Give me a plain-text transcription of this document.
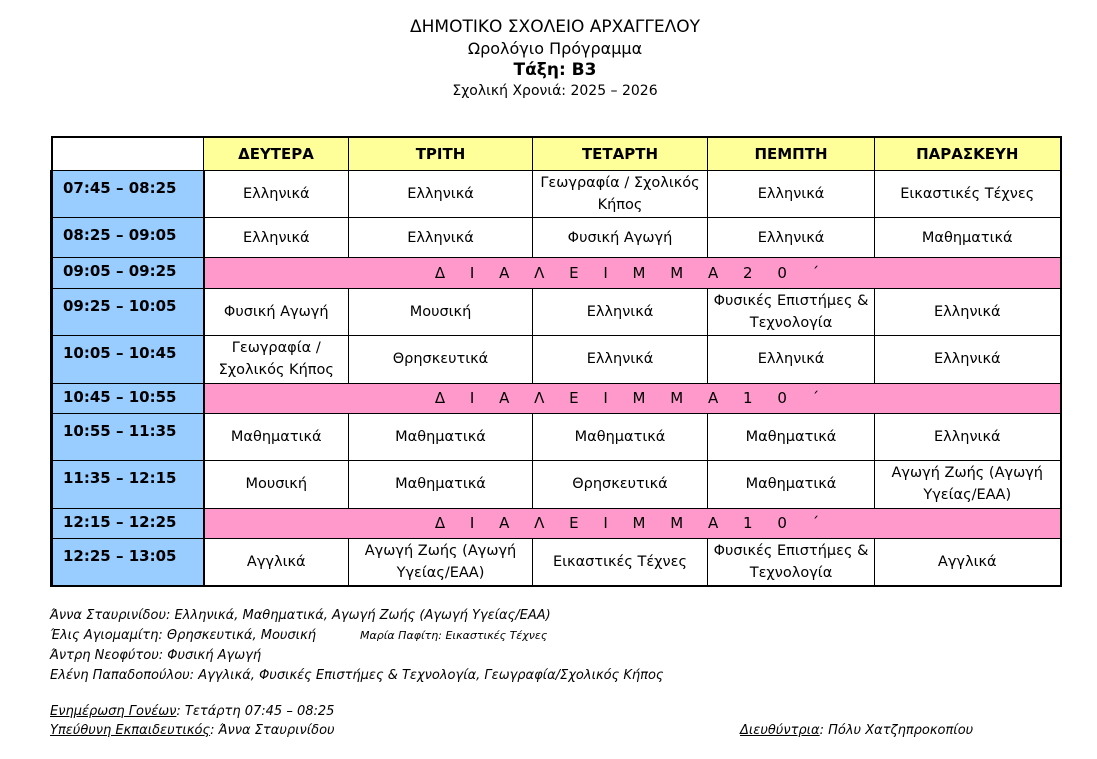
ΔΗΜΟΤΙΚΟ ΣΧΟΛΕΙΟ ΑΡΧΑΓΓΕΛΟΥ
Ωρολόγιο Πρόγραμμα
Τάξη: Β3
Σχολική Χρονιά: 2025 – 2026
	ΔΕΥΤΕΡΑ	ΤΡΙΤΗ	ΤΕΤΑΡΤΗ	ΠΕΜΠΤΗ	ΠΑΡΑΣΚΕΥΗ
07:45 – 08:25	Ελληνικά	Ελληνικά	Γεωγραφία / Σχολικός Κήπος	Ελληνικά	Εικαστικές Τέχνες
08:25 – 09:05	Ελληνικά	Ελληνικά	Φυσική Αγωγή	Ελληνικά	Μαθηματικά
09:05 – 09:25	Δ Ι Α Λ Ε Ι Μ Μ Α 2 0 ΄				
09:25 – 10:05	Φυσική Αγωγή	Μουσική	Ελληνικά	Φυσικές Επιστήμες & Τεχνολογία	Ελληνικά
10:05 – 10:45	Γεωγραφία / Σχολικός Κήπος	Θρησκευτικά	Ελληνικά	Ελληνικά	Ελληνικά
10:45 – 10:55	Δ Ι Α Λ Ε Ι Μ Μ Α 1 0 ΄				
10:55 – 11:35	Μαθηματικά	Μαθηματικά	Μαθηματικά	Μαθηματικά	Ελληνικά
11:35 – 12:15	Μουσική	Μαθηματικά	Θρησκευτικά	Μαθηματικά	Αγωγή Ζωής (Αγωγή Υγείας/ΕΑΑ)
12:15 – 12:25	Δ Ι Α Λ Ε Ι Μ Μ Α 1 0 ΄				
12:25 – 13:05	Αγγλικά	Αγωγή Ζωής (Αγωγή Υγείας/ΕΑΑ)	Εικαστικές Τέχνες	Φυσικές Επιστήμες & Τεχνολογία	Αγγλικά
Άννα Σταυρινίδου: Ελληνικά, Μαθηματικά, Αγωγή Ζωής (Αγωγή Υγείας/ΕΑΑ)
Έλις Αγιομαμίτη: Θρησκευτικά, Μουσική	Μαρία Παφίτη: Εικαστικές Τέχνες
Άντρη Νεοφύτου: Φυσική Αγωγή
Ελένη Παπαδοπούλου: Αγγλικά, Φυσικές Επιστήμες & Τεχνολογία, Γεωγραφία/Σχολικός Κήπος
Ενημέρωση Γονέων: Τετάρτη 07:45 – 08:25
Υπεύθυνη Εκπαιδευτικός: Άννα Σταυρινίδου	Διευθύντρια: Πόλυ Χατζηπροκοπίου
